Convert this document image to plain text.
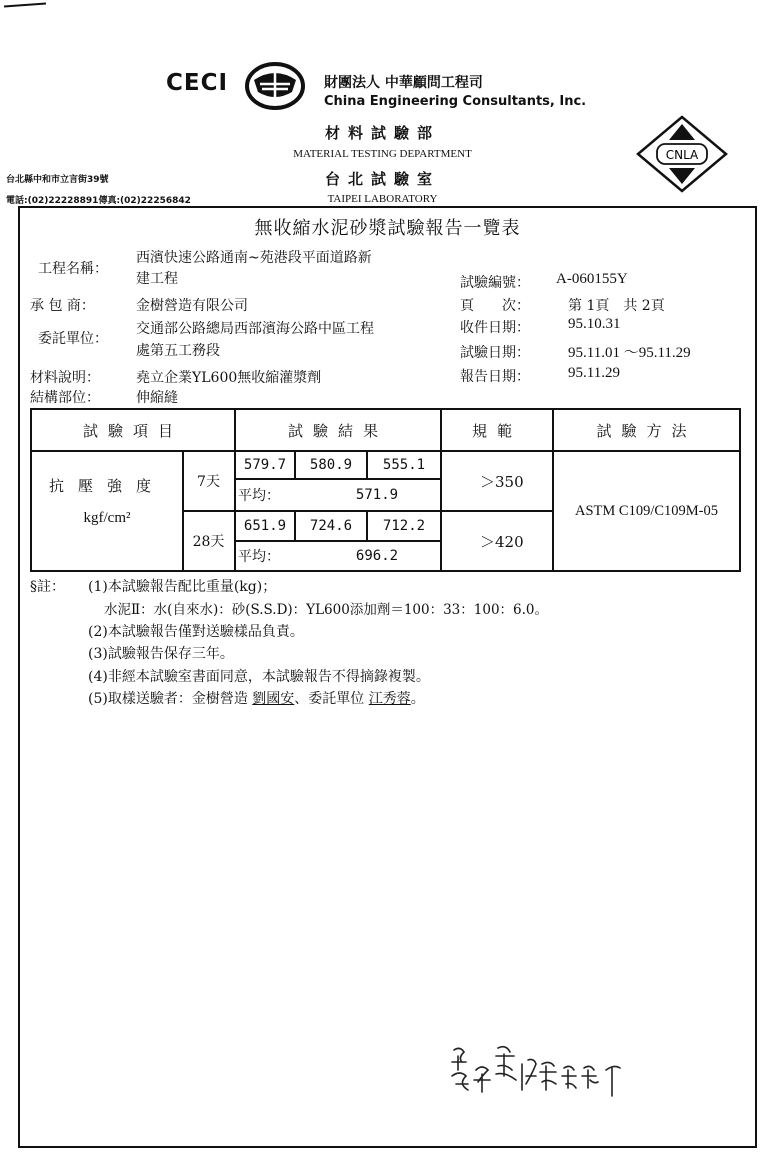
CECI	財團法人 中華顧問工程司
China Engineering Consultants, Inc.
材料試驗部
MATERIAL TESTING DEPARTMENT
台北試驗室
TAIPEI LABORATORY
CNLA
台北縣中和市立言街39號
電話:(02)22228891傳真:(02)22256842
無收縮水泥砂漿試驗報告一覽表
工程名稱：
西濱快速公路通南~苑港段平面道路新
建工程
承 包 商：	金樹營造有限公司
委託單位：
交通部公路總局西部濱海公路中區工程
處第五工務段
材料說明：	堯立企業YL600無收縮灌漿劑
結構部位：	伸縮縫
試驗編號： A-060155Y
頁　　次：	第 1頁　共 2頁
收件日期：	95.10.31
試驗日期：	95.11.01 ～95.11.29
報告日期：	95.11.29
試驗項目	試驗結果	規範	試驗方法
抗壓強度
kgf/cm²
7天
579.7	580.9	555.1
平均：	571.9
＞350
28天
651.9	724.6	712.2
平均：	696.2
＞420
ASTM C109/C109M-05
§註： (1)本試驗報告配比重量(kg)；
水泥Ⅱ：水(自來水)：砂(S.S.D)：YL600添加劑＝100：33：100：6.0。
(2)本試驗報告僅對送驗樣品負責。
(3)試驗報告保存三年。
(4)非經本試驗室書面同意，本試驗報告不得摘錄複製。
(5)取樣送驗者：金樹營造 劉國安、委託單位 江秀蓉。
